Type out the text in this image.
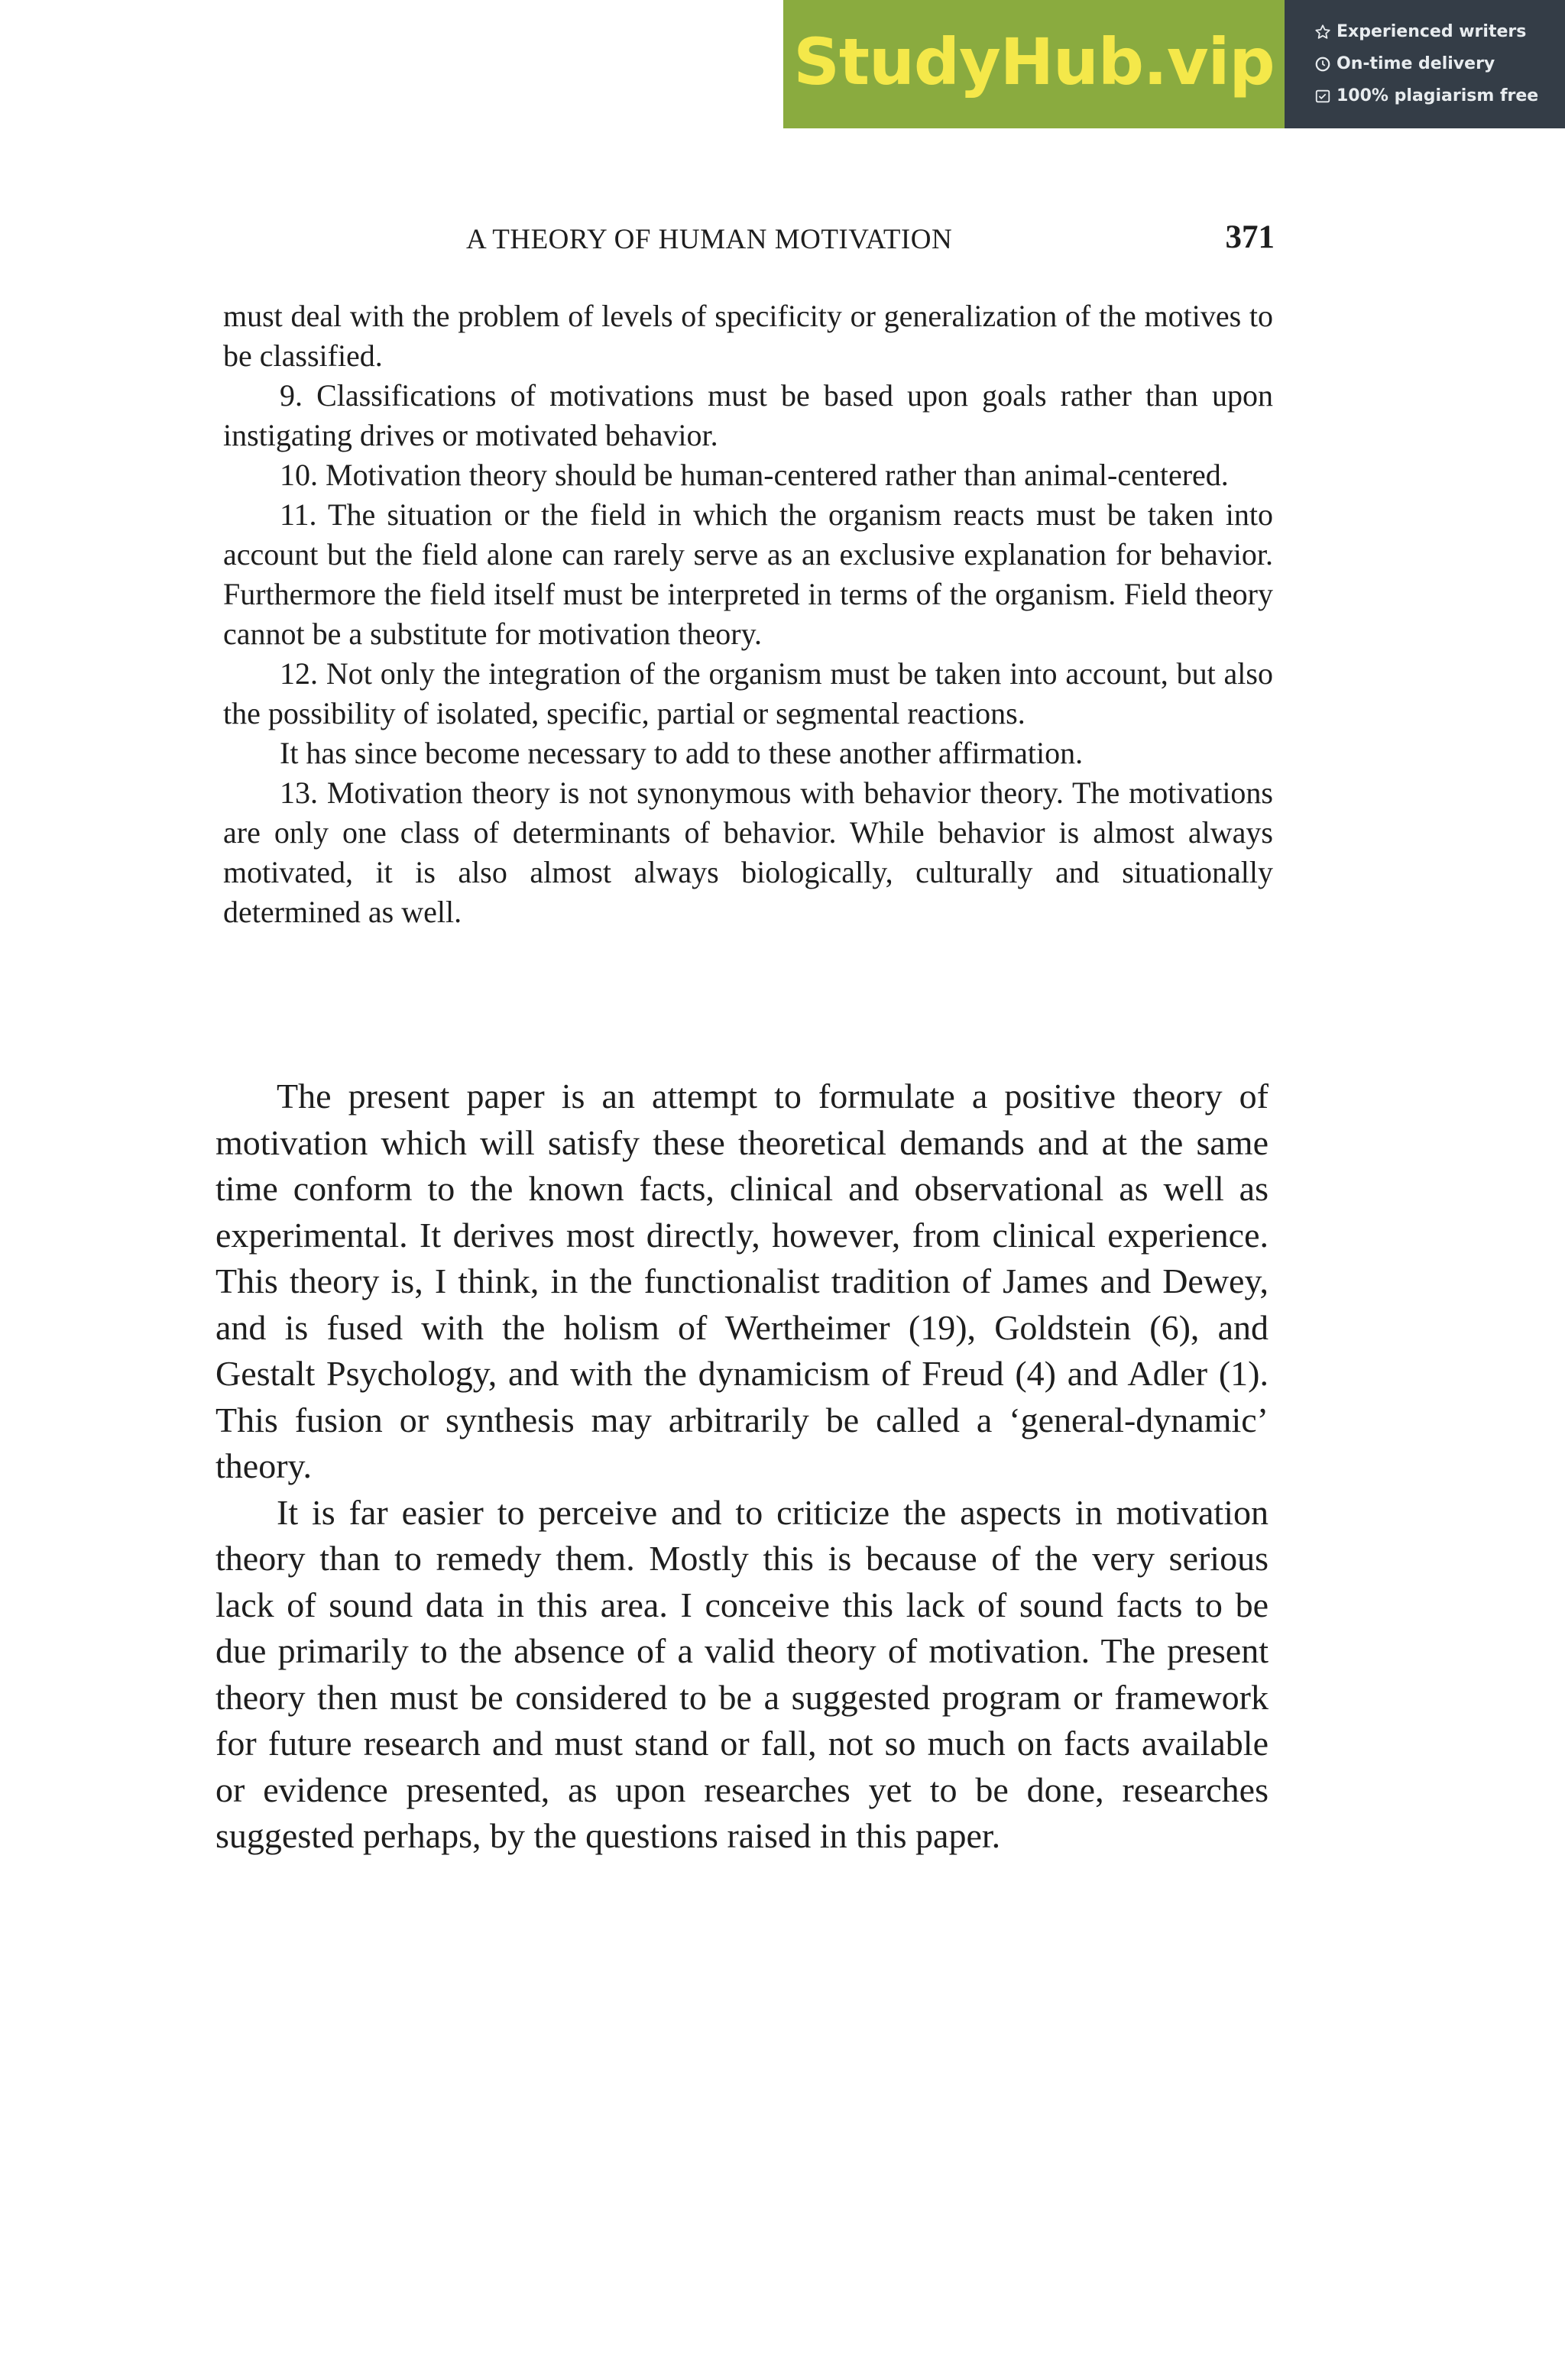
StudyHub.vip	Experienced writers
On-time delivery
100% plagiarism free
A THEORY OF HUMAN MOTIVATION	371

must deal with the problem of levels of specificity or generalization of the motives to be classified.

9. Classifications of motivations must be based upon goals rather than upon instigating drives or motivated behavior.

10. Motivation theory should be human-centered rather than animal-centered.

11. The situation or the field in which the organism reacts must be taken into account but the field alone can rarely serve as an exclusive explanation for behavior. Furthermore the field itself must be interpreted in terms of the organism. Field theory cannot be a substitute for motivation theory.

12. Not only the integration of the organism must be taken into account, but also the possibility of isolated, specific, partial or segmental reactions.

It has since become necessary to add to these another affirmation.

13. Motivation theory is not synonymous with behavior theory. The motivations are only one class of determinants of behavior. While behavior is almost always motivated, it is also almost always biologically, culturally and situationally determined as well.

The present paper is an attempt to formulate a positive theory of motivation which will satisfy these theoretical demands and at the same time conform to the known facts, clinical and observational as well as experimental. It derives most directly, however, from clinical experience. This theory is, I think, in the functionalist tradition of James and Dewey, and is fused with the holism of Wertheimer (19), Goldstein (6), and Gestalt Psychology, and with the dynamicism of Freud (4) and Adler (1). This fusion or synthesis may arbitrarily be called a ‘general-dynamic’ theory.

It is far easier to perceive and to criticize the aspects in motivation theory than to remedy them. Mostly this is because of the very serious lack of sound data in this area. I conceive this lack of sound facts to be due primarily to the absence of a valid theory of motivation. The present theory then must be considered to be a suggested program or framework for future research and must stand or fall, not so much on facts available or evidence presented, as upon researches yet to be done, researches suggested perhaps, by the questions raised in this paper.
